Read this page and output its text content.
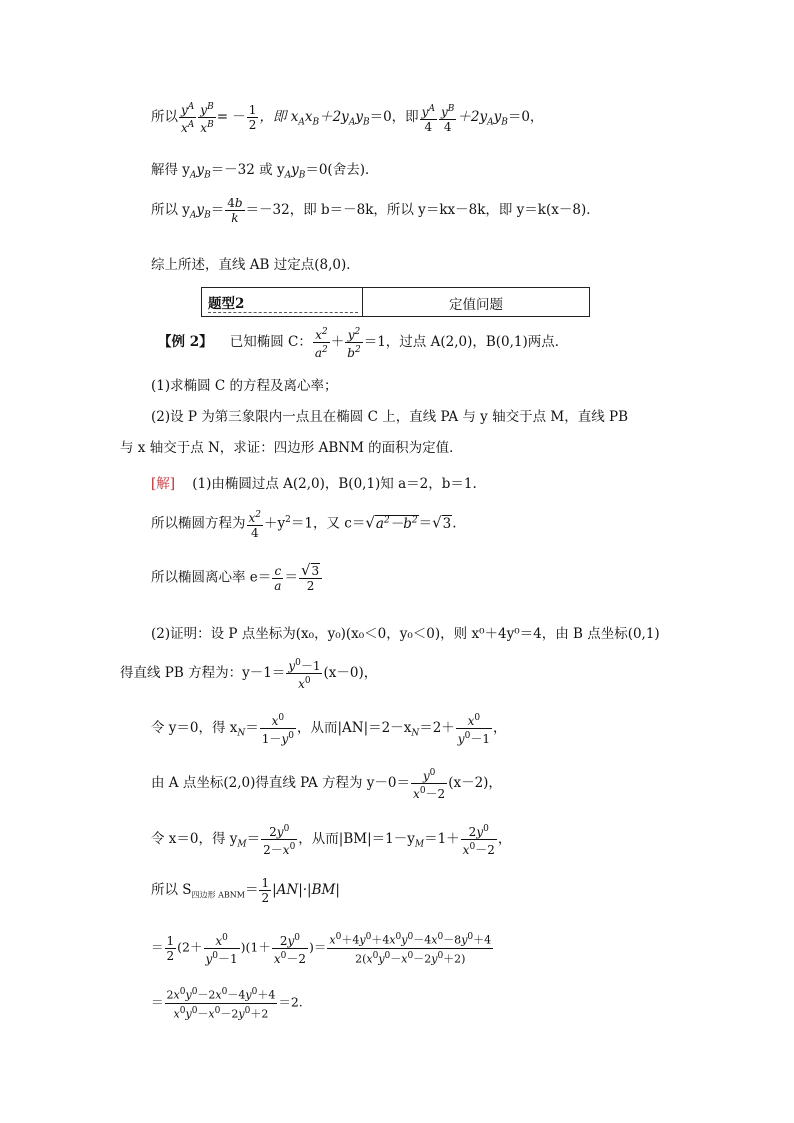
所以 $\frac{y^A}{x^A} \frac{y^B}{x^B}$ = － $\frac{1}{2}$ ，即 $x_Ax_B+2y_Ay_B=0$，即 $\frac{y^A}{4} \frac{y^B}{4} +2y_Ay_B=0$，
解得 $y_Ay_B=-32$ 或 $y_Ay_B=0$(舍去)．
所以 $y_Ay_B= \frac{4b}{k} =-32$，即 b＝－8k，所以 y＝kx－8k，即 y＝k(x－8)．
综上所述，直线 AB 过定点(8,0)．
题型2	定值问题
【例 2】 已知椭圆 C： $\frac{x^2}{a^2} + \frac{y^2}{b^2} =1$，过点 A(2,0)，B(0,1)两点．
(1)求椭圆 C 的方程及离心率；
(2)设 P 为第三象限内一点且在椭圆 C 上，直线 PA 与 y 轴交于点 M，直线 PB
与 x 轴交于点 N，求证：四边形 ABNM 的面积为定值．
[解] (1)由椭圆过点 A(2,0)，B(0,1)知 a＝2，b＝1.
所以椭圆方程为 $\frac{x^2}{4} +y^2=1$，又 $c=√a^2-b^2=√3$.
所以椭圆离心率 $e= \frac{c}{a} = \frac{√3}{2}$
(2)证明：设 P 点坐标为(x₀，y₀)(x₀＜0，y₀＜0)，则 x⁰＋4y⁰＝4，由 B 点坐标(0,1)
得直线 PB 方程为：$y-1= \frac{y^0-1}{x^0} (x-0)$，
令 y＝0，得 $x_N= \frac{x^0}{1-y^0}$ ，从而$|AN|=2-x_N=2+ \frac{x^0}{y^0-1}$ ，
由 A 点坐标(2,0)得直线 PA 方程为 $y-0= \frac{y^0}{x^0-2} (x-2)$，
令 x＝0，得 $y_M= \frac{2y^0}{2-x^0}$ ，从而$|BM|=1-y_M=1+ \frac{2y^0}{x^0-2}$ ，
所以 $S_{四边形 ABNM}= \frac{1}{2} |AN|\cdot|BM|$
＝ $\frac{1}{2} (2+ \frac{x^0}{y^0-1} )(1+ \frac{2y^0}{x^0-2}$ )＝ $\frac{x^0+4y^0+4x^0y^0-4x^0-8y^0+4}{2(x^0y^0-x^0-2y^0+2)}$
＝ $\frac{2x^0y^0-2x^0-4y^0+4}{x^0y^0-x^0-2y^0+2} =2$.
